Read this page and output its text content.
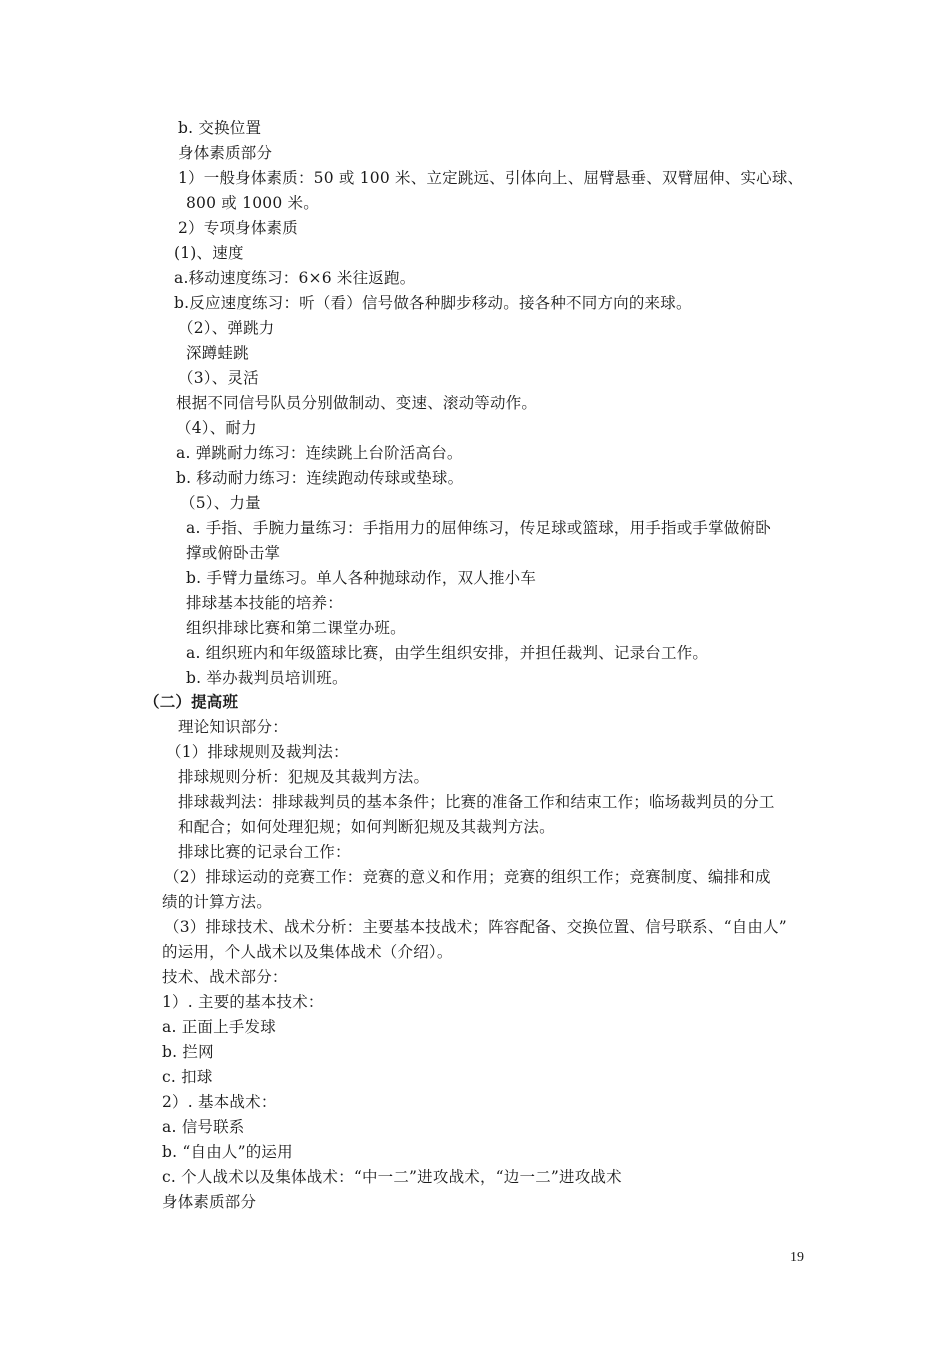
b. 交换位置
身体素质部分
1）一般身体素质：50 或 100 米、立定跳远、引体向上、屈臂悬垂、双臂屈伸、实心球、
800 或 1000 米。
2）专项身体素质
(1)、速度
a.移动速度练习：6×6 米往返跑。
b.反应速度练习：听（看）信号做各种脚步移动。接各种不同方向的来球。
（2）、弹跳力
深蹲蛙跳
（3）、灵活
根据不同信号队员分别做制动、变速、滚动等动作。
（4）、耐力
a. 弹跳耐力练习：连续跳上台阶活高台。
b. 移动耐力练习：连续跑动传球或垫球。
（5）、力量
a. 手指、手腕力量练习：手指用力的屈伸练习，传足球或篮球，用手指或手掌做俯卧
撑或俯卧击掌
b. 手臂力量练习。单人各种抛球动作，双人推小车
排球基本技能的培养：
组织排球比赛和第二课堂办班。
a. 组织班内和年级篮球比赛，由学生组织安排，并担任裁判、记录台工作。
b. 举办裁判员培训班。
（二）提高班
理论知识部分：
（1）排球规则及裁判法：
排球规则分析：犯规及其裁判方法。
排球裁判法：排球裁判员的基本条件；比赛的准备工作和结束工作；临场裁判员的分工
和配合；如何处理犯规；如何判断犯规及其裁判方法。
排球比赛的记录台工作：
（2）排球运动的竞赛工作：竞赛的意义和作用；竞赛的组织工作；竞赛制度、编排和成
绩的计算方法。
（3）排球技术、战术分析：主要基本技战术；阵容配备、交换位置、信号联系、“自由人”
的运用，个人战术以及集体战术（介绍）。
技术、战术部分：
1）. 主要的基本技术：
a. 正面上手发球
b. 拦网
c. 扣球
2）. 基本战术：
a. 信号联系
b. “自由人”的运用
c. 个人战术以及集体战术：“中一二”进攻战术，“边一二”进攻战术
身体素质部分
19
